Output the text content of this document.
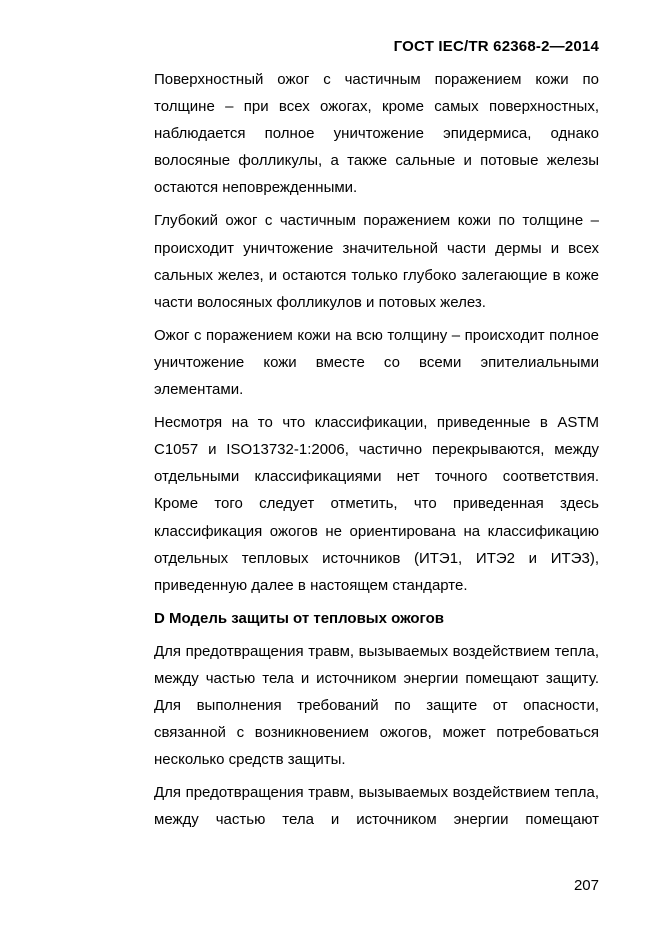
ГОСТ IEC/TR 62368-2—2014

Поверхностный ожог с частичным поражением кожи по толщине – при всех ожогах, кроме самых поверхностных, наблюдается полное уничтожение эпидермиса, однако волосяные фолликулы, а также сальные и потовые железы остаются неповрежденными.

Глубокий ожог с частичным поражением кожи по толщине – происходит уничтожение значительной части дермы и всех сальных желез, и остаются только глубоко залегающие в коже части волосяных фолликулов и потовых желез.

Ожог с поражением кожи на всю толщину – происходит полное уничтожение кожи вместе со всеми эпителиальными элементами.

Несмотря на то что классификации, приведенные в ASTM C1057 и ISO13732-1:2006, частично перекрываются, между отдельными классификациями нет точного соответствия. Кроме того следует отметить, что приведенная здесь классификация ожогов не ориентирована на классификацию отдельных тепловых источников (ИТЭ1, ИТЭ2 и ИТЭ3), приведенную далее в настоящем стандарте.

D Модель защиты от тепловых ожогов

Для предотвращения травм, вызываемых воздействием тепла, между частью тела и источником энергии помещают защиту. Для выполнения требований по защите от опасности, связанной с возникновением ожогов, может потребоваться несколько средств защиты.

Для предотвращения травм, вызываемых воздействием тепла, между частью тела и источником энергии помещают

207
